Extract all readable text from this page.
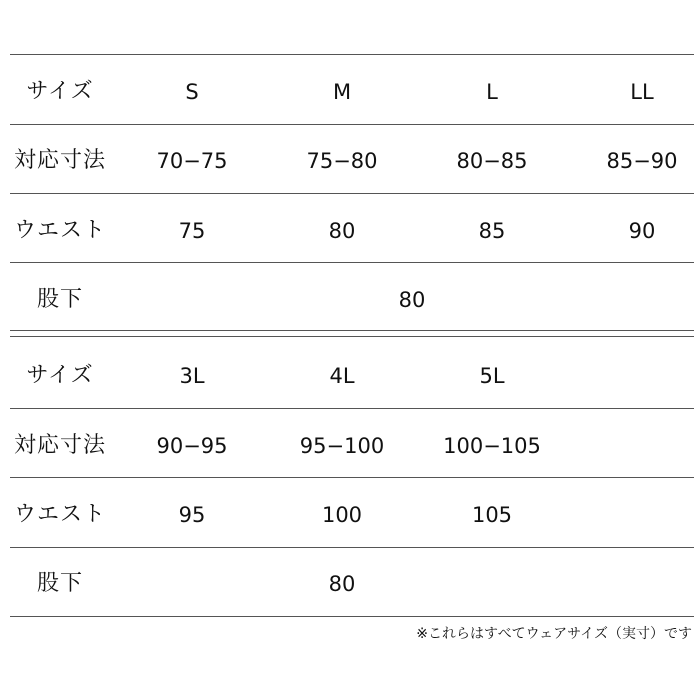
サイズ	S	M	L	LL
対応寸法	70−75	75−80	80−85	85−90
ウエスト	75	80	85	90
股下	80
サイズ	3L	4L	5L
対応寸法	90−95	95−100	100−105
ウエスト	95	100	105
股下	80
※これらはすべてウェアサイズ（実寸）です
